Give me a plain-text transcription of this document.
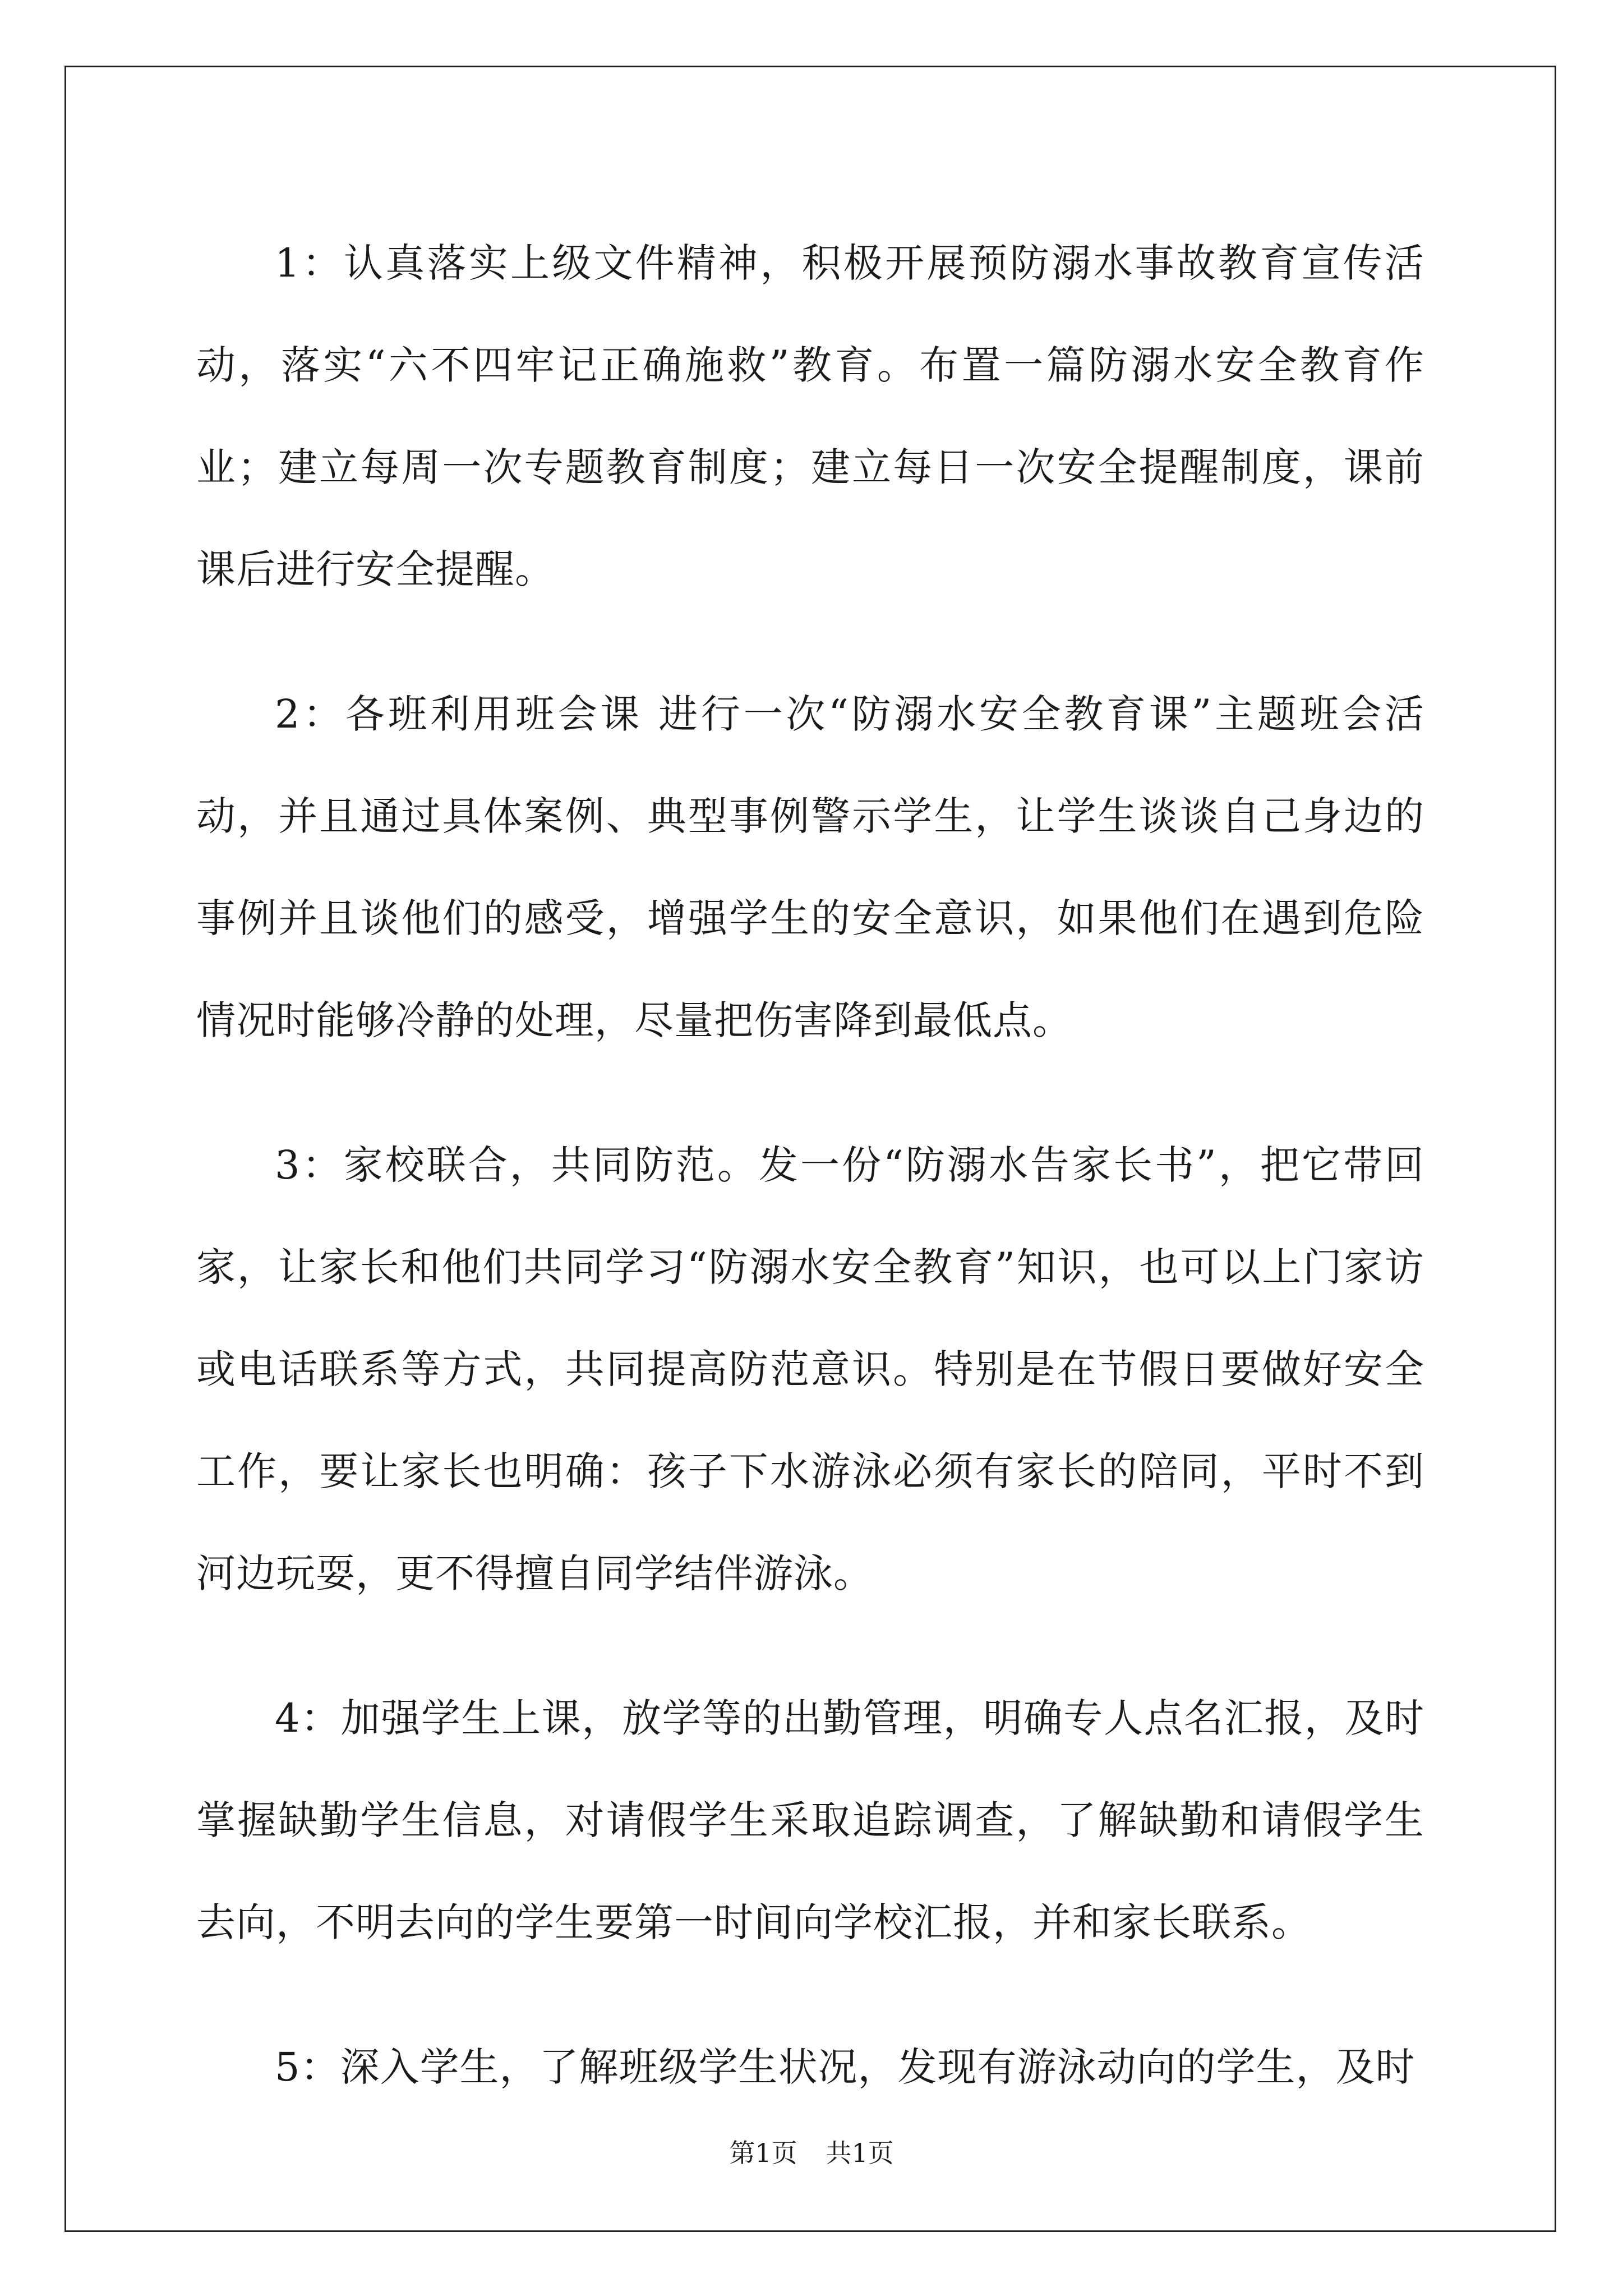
1：认真落实上级文件精神，积极开展预防溺水事故教育宣传活动，落实“六不四牢记正确施救”教育。布置一篇防溺水安全教育作业；建立每周一次专题教育制度；建立每日一次安全提醒制度，课前课后进行安全提醒。

2：各班利用班会课 进行一次“防溺水安全教育课”主题班会活动，并且通过具体案例、典型事例警示学生，让学生谈谈自己身边的事例并且谈他们的感受，增强学生的安全意识，如果他们在遇到危险情况时能够冷静的处理，尽量把伤害降到最低点。

3：家校联合，共同防范。发一份“防溺水告家长书”，把它带回家，让家长和他们共同学习“防溺水安全教育”知识，也可以上门家访或电话联系等方式，共同提高防范意识。特别是在节假日要做好安全工作，要让家长也明确：孩子下水游泳必须有家长的陪同，平时不到河边玩耍，更不得擅自同学结伴游泳。

4：加强学生上课，放学等的出勤管理，明确专人点名汇报，及时掌握缺勤学生信息，对请假学生采取追踪调查，了解缺勤和请假学生去向，不明去向的学生要第一时间向学校汇报，并和家长联系。

5：深入学生，了解班级学生状况，发现有游泳动向的学生，及时

第1页 共1页
